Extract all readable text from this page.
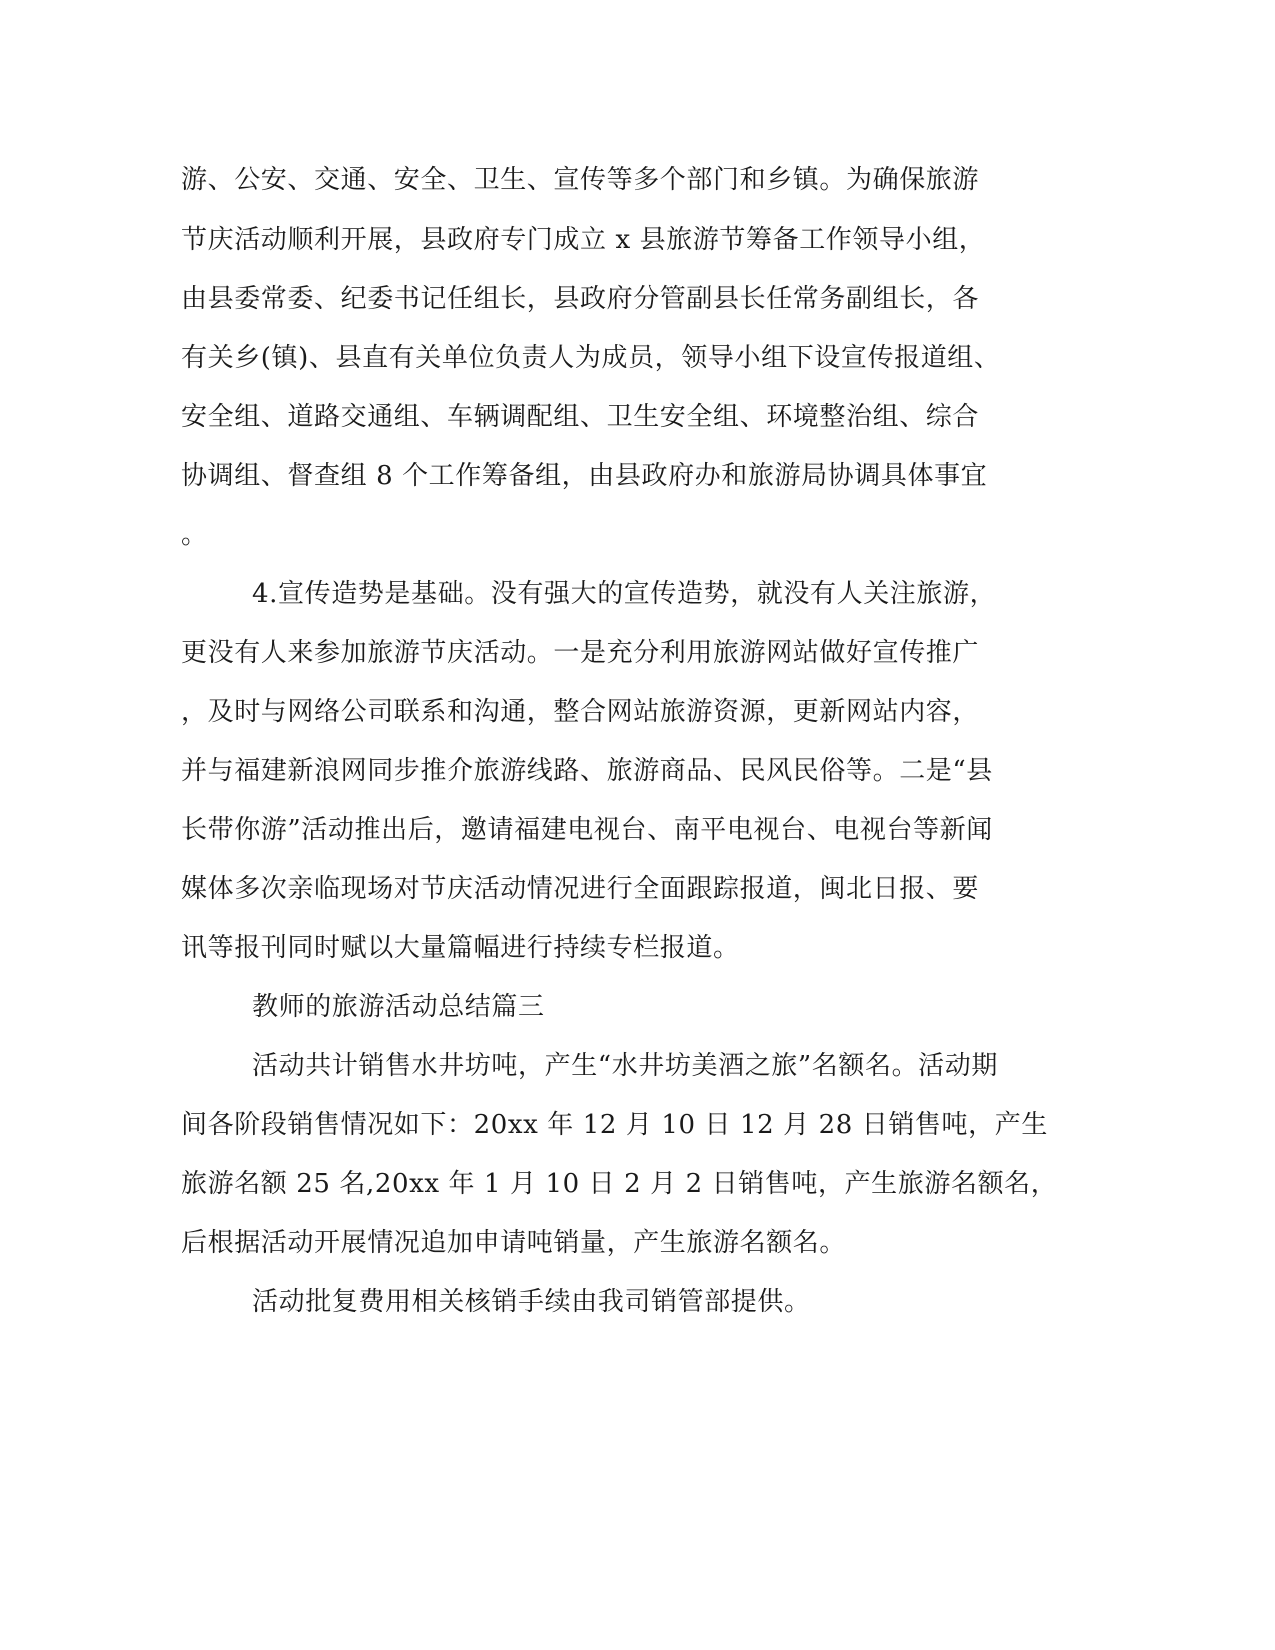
游、公安、交通、安全、卫生、宣传等多个部门和乡镇。为确保旅游
节庆活动顺利开展，县政府专门成立 x 县旅游节筹备工作领导小组，
由县委常委、纪委书记任组长，县政府分管副县长任常务副组长，各
有关乡(镇)、县直有关单位负责人为成员，领导小组下设宣传报道组、
安全组、道路交通组、车辆调配组、卫生安全组、环境整治组、综合
协调组、督查组 8 个工作筹备组，由县政府办和旅游局协调具体事宜
。
4.宣传造势是基础。没有强大的宣传造势，就没有人关注旅游，
更没有人来参加旅游节庆活动。一是充分利用旅游网站做好宣传推广
，及时与网络公司联系和沟通，整合网站旅游资源，更新网站内容，
并与福建新浪网同步推介旅游线路、旅游商品、民风民俗等。二是“县
长带你游”活动推出后，邀请福建电视台、南平电视台、电视台等新闻
媒体多次亲临现场对节庆活动情况进行全面跟踪报道，闽北日报、要
讯等报刊同时赋以大量篇幅进行持续专栏报道。
教师的旅游活动总结篇三
活动共计销售水井坊吨，产生“水井坊美酒之旅”名额名。活动期
间各阶段销售情况如下：20xx 年 12 月 10 日 12 月 28 日销售吨，产生
旅游名额 25 名,20xx 年 1 月 10 日 2 月 2 日销售吨，产生旅游名额名，
后根据活动开展情况追加申请吨销量，产生旅游名额名。
活动批复费用相关核销手续由我司销管部提供。
